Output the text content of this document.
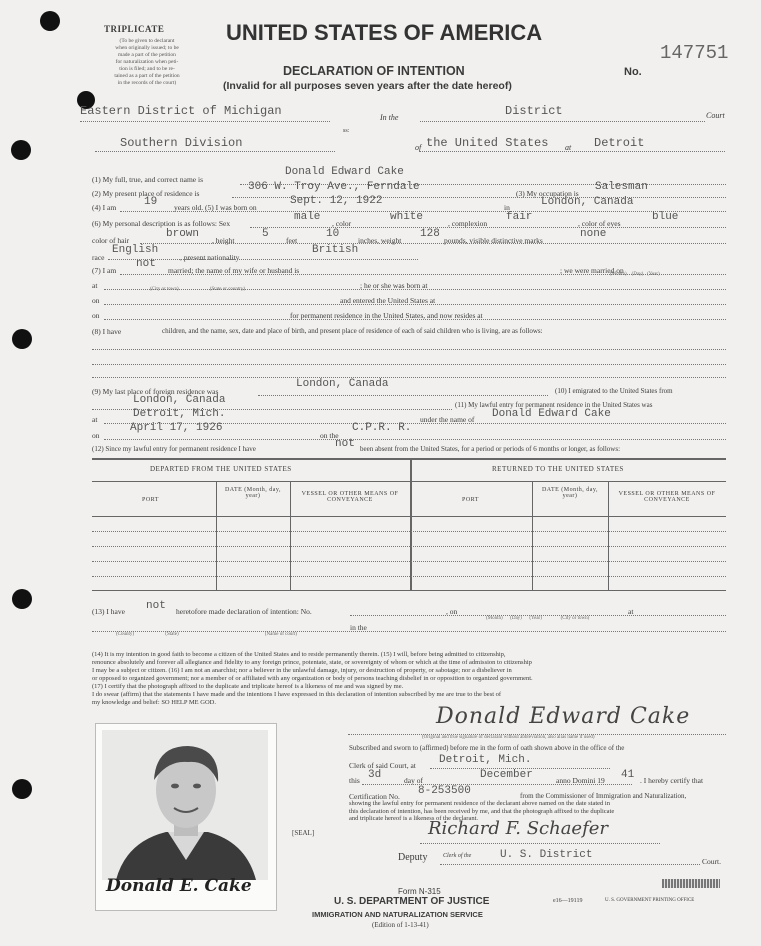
TRIPLICATE
(To be given to declarant
when originally issued; to be
made a part of the petition
for naturalization when peti-
tion is filed; and to be re-
tained as a part of the petition
in the records of the court)
UNITED STATES OF AMERICA
DECLARATION OF INTENTION
(Invalid for all purposes seven years after the date hereof)
147751
No.
Eastern District of Michigan	In the	District	Court
ss:
Southern Division	of the United States at Detroit
(1) My full, true, and correct name is
Donald Edward Cake
(2) My present place of residence is
306 W. Troy Ave., Ferndale
(3) My occupation is
Salesman
(4) I am	19 years old. (5) I was born on
Sept. 12, 1922
in	London, Canada
(6) My personal description is as follows: Sex
male
, color
white
, complexion
fair
, color of eyes
blue
color of hair
brown
, height
5
feet
10
inches, weight
128
pounds, visible distinctive marks
none
race
English
, present nationality
British
(7) I am
not
married; the name of my wife or husband is	; we were married on
(Month)    (Day)   (Year)
at	(City or town)                         (State or country)	; he or she was born at
on	and entered the United States at
on	for permanent residence in the United States, and now resides at
(8) I have	children, and the name, sex, date and place of birth, and present place of residence of each of said children who is living, are as follows:
(9) My last place of foreign residence was
London, Canada
(10) I emigrated to the United States from
London, Canada	(11) My lawful entry for permanent residence in the United States was
at	Detroit, Mich.	under the name of Donald Edward Cake
on
April 17, 1926
on the
C.P.R. R.
(12) Since my lawful entry for permanent residence I have	not been absent from the United States, for a period or periods of 6 months or longer, as follows:
DEPARTED FROM THE UNITED STATES	RETURNED TO THE UNITED STATES
PORT
DATE (Month, day, year)	VESSEL OR OTHER MEANS OF CONVEYANCE	PORT
DATE (Month, day, year)	VESSEL OR OTHER MEANS OF CONVEYANCE
(13) I have not heretofore made declaration of intention: No.	, on	at
(Month)      (Day)      (Year)               (City or town)
in the
(County)                         (State)                                                                     (Name of court)
(14) It is my intention in good faith to become a citizen of the United States and to reside permanently therein. (15) I will, before being admitted to citizenship,
renounce absolutely and forever all allegiance and fidelity to any foreign prince, potentate, state, or sovereignty of whom or which at the time of admission to citizenship
I may be a subject or citizen. (16) I am not an anarchist; nor a believer in the unlawful damage, injury, or destruction of property, or sabotage; nor a disbeliever in
or opposed to organized government; nor a member of or affiliated with any organization or body of persons teaching disbelief in or opposition to organized government.
(17) I certify that the photograph affixed to the duplicate and triplicate hereof is a likeness of me and was signed by me.
I do swear (affirm) that the statements I have made and the intentions I have expressed in this declaration of intention subscribed by me are true to the best of
my knowledge and belief: SO HELP ME GOD.
Donald Edward Cake
(Original and true signature of declarant without abbreviation, also alias name if used)
Subscribed and sworn to (affirmed) before me in the form of oath shown above in the office of the
Clerk of said Court, at Detroit, Mich.
this 3d	day of	December	anno Domini 19 41 . I hereby certify that
Certification No. 8-253500	from the Commissioner of Immigration and Naturalization,
showing the lawful entry for permanent residence of the declarant above named on the date stated in
this declaration of intention, has been received by me, and that the photograph affixed to the duplicate
and triplicate hereof is a likeness of the declarant.
[SEAL]	Richard F. Schaefer
Deputy	Clerk of the	U. S. District
Court.
Donald E. Cake	Form N-315
U. S. DEPARTMENT OF JUSTICE
IMMIGRATION AND NATURALIZATION SERVICE
(Edition of 1-13-41)
e16—19119	U. S. GOVERNMENT PRINTING OFFICE
